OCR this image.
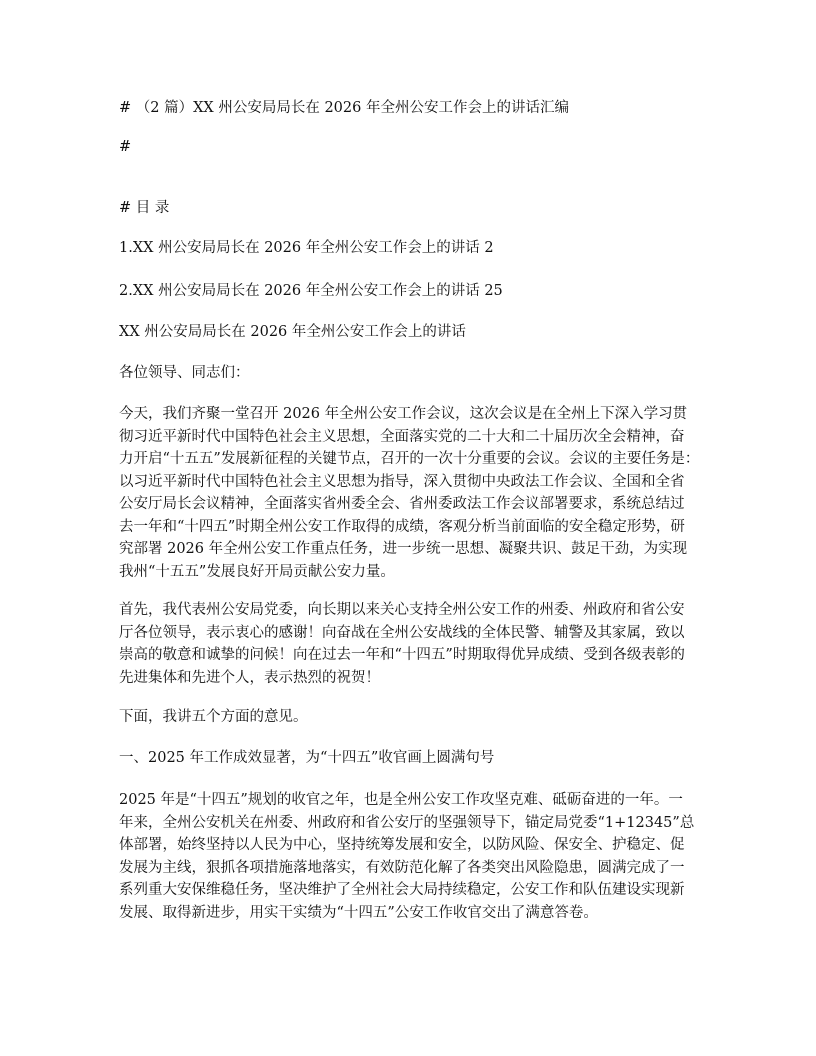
# （2 篇）XX 州公安局局长在 2026 年全州公安工作会上的讲话汇编
#
# 目 录
1.XX 州公安局局长在 2026 年全州公安工作会上的讲话 2
2.XX 州公安局局长在 2026 年全州公安工作会上的讲话 25
XX 州公安局局长在 2026 年全州公安工作会上的讲话
各位领导、同志们：
今天，我们齐聚一堂召开 2026 年全州公安工作会议，这次会议是在全州上下深入学习贯
彻习近平新时代中国特色社会主义思想，全面落实党的二十大和二十届历次全会精神，奋
力开启“十五五”发展新征程的关键节点，召开的一次十分重要的会议。会议的主要任务是：
以习近平新时代中国特色社会主义思想为指导，深入贯彻中央政法工作会议、全国和全省
公安厅局长会议精神，全面落实省州委全会、省州委政法工作会议部署要求，系统总结过
去一年和“十四五”时期全州公安工作取得的成绩，客观分析当前面临的安全稳定形势，研
究部署 2026 年全州公安工作重点任务，进一步统一思想、凝聚共识、鼓足干劲，为实现
我州“十五五”发展良好开局贡献公安力量。
首先，我代表州公安局党委，向长期以来关心支持全州公安工作的州委、州政府和省公安
厅各位领导，表示衷心的感谢！向奋战在全州公安战线的全体民警、辅警及其家属，致以
崇高的敬意和诚挚的问候！向在过去一年和“十四五”时期取得优异成绩、受到各级表彰的
先进集体和先进个人，表示热烈的祝贺！
下面，我讲五个方面的意见。
一、2025 年工作成效显著，为“十四五”收官画上圆满句号
2025 年是“十四五”规划的收官之年，也是全州公安工作攻坚克难、砥砺奋进的一年。一
年来，全州公安机关在州委、州政府和省公安厅的坚强领导下，锚定局党委“1+12345”总
体部署，始终坚持以人民为中心，坚持统筹发展和安全，以防风险、保安全、护稳定、促
发展为主线，狠抓各项措施落地落实，有效防范化解了各类突出风险隐患，圆满完成了一
系列重大安保维稳任务，坚决维护了全州社会大局持续稳定，公安工作和队伍建设实现新
发展、取得新进步，用实干实绩为“十四五”公安工作收官交出了满意答卷。
